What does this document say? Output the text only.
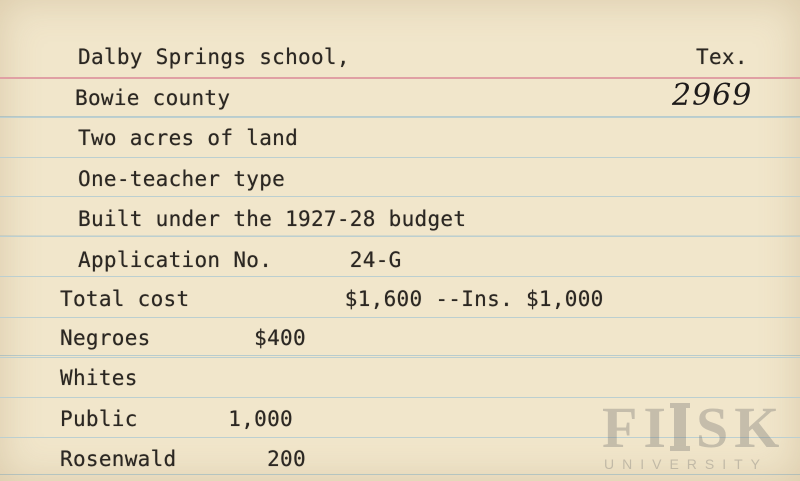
Dalby Springs school,	Tex.
Bowie county	2969
Two acres of land
One-teacher type
Built under the 1927-28 budget
Application No.      24-G
Total cost            $1,600 --Ins. $1,000
Negroes        $400
Whites
Public       1,000
Rosenwald       200	FI SK
UNIVERSITY
